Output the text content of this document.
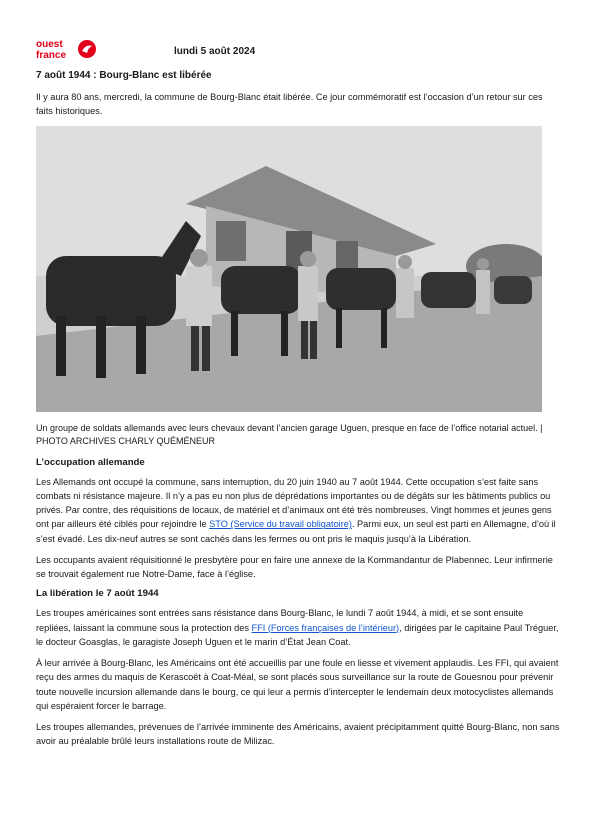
ouest
france	lundi 5 août 2024
7 août 1944 : Bourg-Blanc est libérée

Il y aura 80 ans, mercredi, la commune de Bourg-Blanc était libérée. Ce jour commémoratif est l’occasion d’un retour sur ces faits historiques.

Un groupe de soldats allemands avec leurs chevaux devant l’ancien garage Uguen, presque en face de l’office notarial actuel. | PHOTO ARCHIVES CHARLY QUÉMÉNEUR

L’occupation allemande

Les Allemands ont occupé la commune, sans interruption, du 20 juin 1940 au 7 août 1944. Cette occupation s’est faite sans combats ni résistance majeure. Il n’y a pas eu non plus de déprédations importantes ou de dégâts sur les bâtiments publics ou privés. Par contre, des réquisitions de locaux, de matériel et d’animaux ont été très nombreuses. Vingt hommes et jeunes gens ont par ailleurs été ciblés pour rejoindre le STO (Service du travail obligatoire). Parmi eux, un seul est parti en Allemagne, d’où il s’est évadé. Les dix-neuf autres se sont cachés dans les fermes ou ont pris le maquis jusqu’à la Libération.

Les occupants avaient réquisitionné le presbytère pour en faire une annexe de la Kommandantur de Plabennec. Leur infirmerie se trouvait également rue Notre-Dame, face à l’église.

La libération le 7 août 1944

Les troupes américaines sont entrées sans résistance dans Bourg-Blanc, le lundi 7 août 1944, à midi, et se sont ensuite repliées, laissant la commune sous la protection des FFI (Forces françaises de l’intérieur), dirigées par le capitaine Paul Tréguer, le docteur Goasglas, le garagiste Joseph Uguen et le marin d’État Jean Coat.

À leur arrivée à Bourg-Blanc, les Américains ont été accueillis par une foule en liesse et vivement applaudis. Les FFI, qui avaient reçu des armes du maquis de Kerascoët à Coat-Méal, se sont placés sous surveillance sur la route de Gouesnou pour prévenir toute nouvelle incursion allemande dans le bourg, ce qui leur a permis d’intercepter le lendemain deux motocyclistes allemands qui espéraient forcer le barrage.

Les troupes allemandes, prévenues de l’arrivée imminente des Américains, avaient précipitamment quitté Bourg-Blanc, non sans avoir au préalable brûlé leurs installations route de Milizac.
